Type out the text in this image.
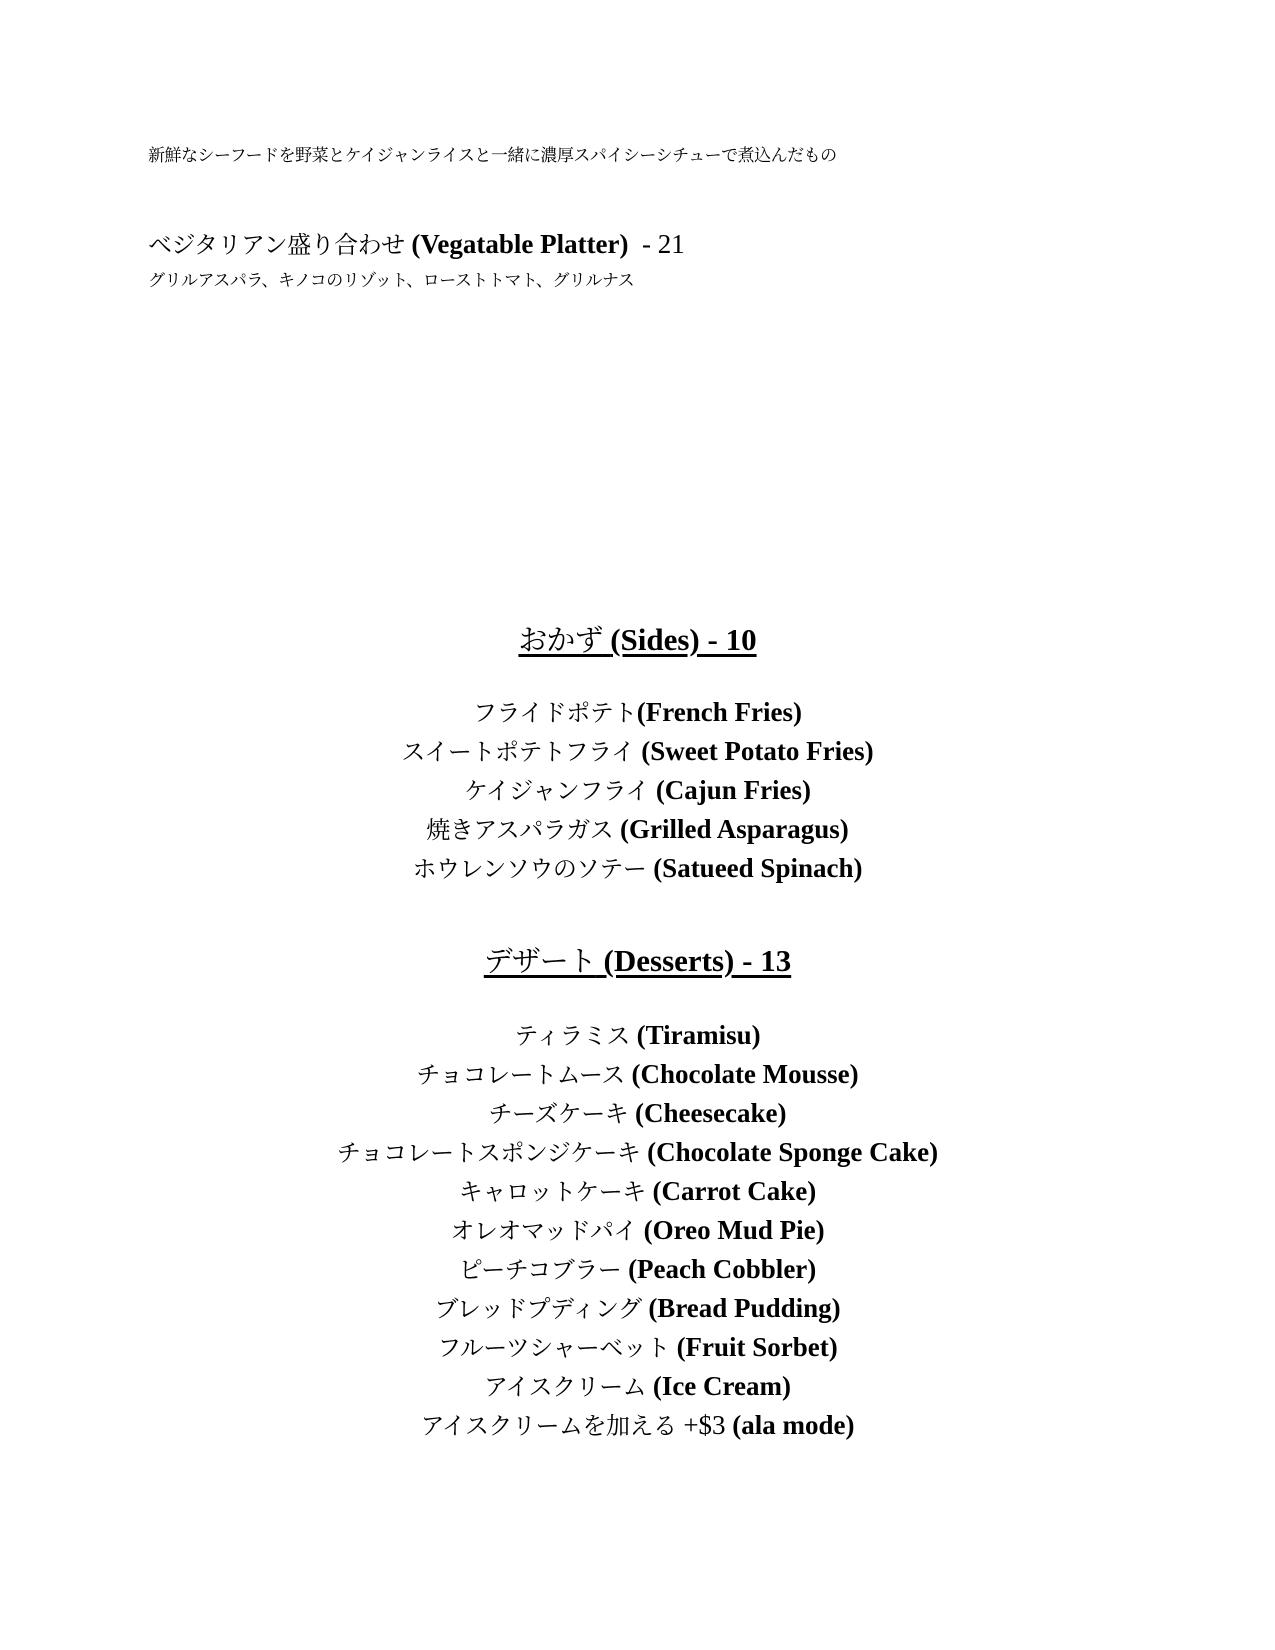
新鮮なシーフードを野菜とケイジャンライスと一緒に濃厚スパイシーシチューで煮込んだもの
ベジタリアン盛り合わせ (Vegatable Platter)  - 21
グリルアスパラ、キノコのリゾット、ローストトマト、グリルナス
おかず (Sides) - 10
フライドポテト(French Fries)
スイートポテトフライ (Sweet Potato Fries)
ケイジャンフライ (Cajun Fries)
焼きアスパラガス (Grilled Asparagus)
ホウレンソウのソテー (Satueed Spinach)
デザート (Desserts) - 13
ティラミス (Tiramisu)
チョコレートムース (Chocolate Mousse)
チーズケーキ (Cheesecake)
チョコレートスポンジケーキ (Chocolate Sponge Cake)
キャロットケーキ (Carrot Cake)
オレオマッドパイ (Oreo Mud Pie)
ピーチコブラー (Peach Cobbler)
ブレッドプディング (Bread Pudding)
フルーツシャーベット (Fruit Sorbet)
アイスクリーム (Ice Cream)
アイスクリームを加える +$3 (ala mode)
